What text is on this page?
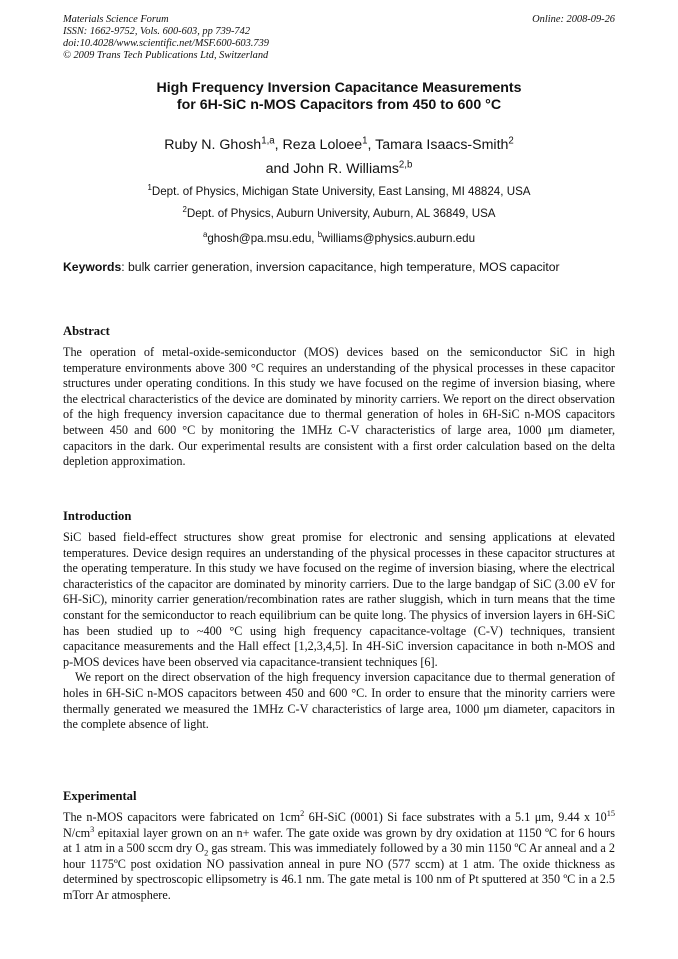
Materials Science Forum
ISSN: 1662-9752, Vols. 600-603, pp 739-742
doi:10.4028/www.scientific.net/MSF.600-603.739
© 2009 Trans Tech Publications Ltd, Switzerland
Online: 2008-09-26
High Frequency Inversion Capacitance Measurements
for 6H-SiC n-MOS Capacitors from 450 to 600 °C
Ruby N. Ghosh$^{1,a}$, Reza Loloee$^1$, Tamara Isaacs-Smith$^2$
and John R. Williams$^{2,b}$
$^1$Dept. of Physics, Michigan State University, East Lansing, MI 48824, USA
$^2$Dept. of Physics, Auburn University, Auburn, AL 36849, USA
$^a$ghosh@pa.msu.edu, $^b$williams@physics.auburn.edu
Keywords: bulk carrier generation, inversion capacitance, high temperature, MOS capacitor
Abstract

The operation of metal-oxide-semiconductor (MOS) devices based on the semiconductor SiC in high temperature environments above 300 °C requires an understanding of the physical processes in these capacitor structures under operating conditions. In this study we have focused on the regime of inversion biasing, where the electrical characteristics of the device are dominated by minority carriers. We report on the direct observation of the high frequency inversion capacitance due to thermal generation of holes in 6H-SiC n-MOS capacitors between 450 and 600 °C by monitoring the 1MHz C-V characteristics of large area, 1000 μm diameter, capacitors in the dark. Our experimental results are consistent with a first order calculation based on the delta depletion approximation.

Introduction

SiC based field-effect structures show great promise for electronic and sensing applications at elevated temperatures. Device design requires an understanding of the physical processes in these capacitor structures at the operating temperature. In this study we have focused on the regime of inversion biasing, where the electrical characteristics of the capacitor are dominated by minority carriers. Due to the large bandgap of SiC (3.00 eV for 6H-SiC), minority carrier generation/recombination rates are rather sluggish, which in turn means that the time constant for the semiconductor to reach equilibrium can be quite long. The physics of inversion layers in 6H-SiC has been studied up to ~400 °C using high frequency capacitance-voltage (C-V) techniques, transient capacitance measurements and the Hall effect [1,2,3,4,5]. In 4H-SiC inversion capacitance in both n-MOS and p-MOS devices have been observed via capacitance-transient techniques [6].

We report on the direct observation of the high frequency inversion capacitance due to thermal generation of holes in 6H-SiC n-MOS capacitors between 450 and 600 °C. In order to ensure that the minority carriers were thermally generated we measured the 1MHz C-V characteristics of large area, 1000 μm diameter, capacitors in the complete absence of light.

Experimental

The n-MOS capacitors were fabricated on $1cm^2$ 6H-SiC (0001) Si face substrates with a 5.1 μm, 9.44 x $10^{15}$ $N/cm^3$ epitaxial layer grown on an n+ wafer. The gate oxide was grown by dry oxidation at 1150 ºC for 6 hours at 1 atm in a 500 sccm dry $O_2$ gas stream. This was immediately followed by a 30 min 1150 ºC Ar anneal and a 2 hour 1175ºC post oxidation NO passivation anneal in pure NO (577 sccm) at 1 atm. The oxide thickness as determined by spectroscopic ellipsometry is 46.1 nm. The gate metal is 100 nm of Pt sputtered at 350 ºC in a 2.5 mTorr Ar atmosphere.
